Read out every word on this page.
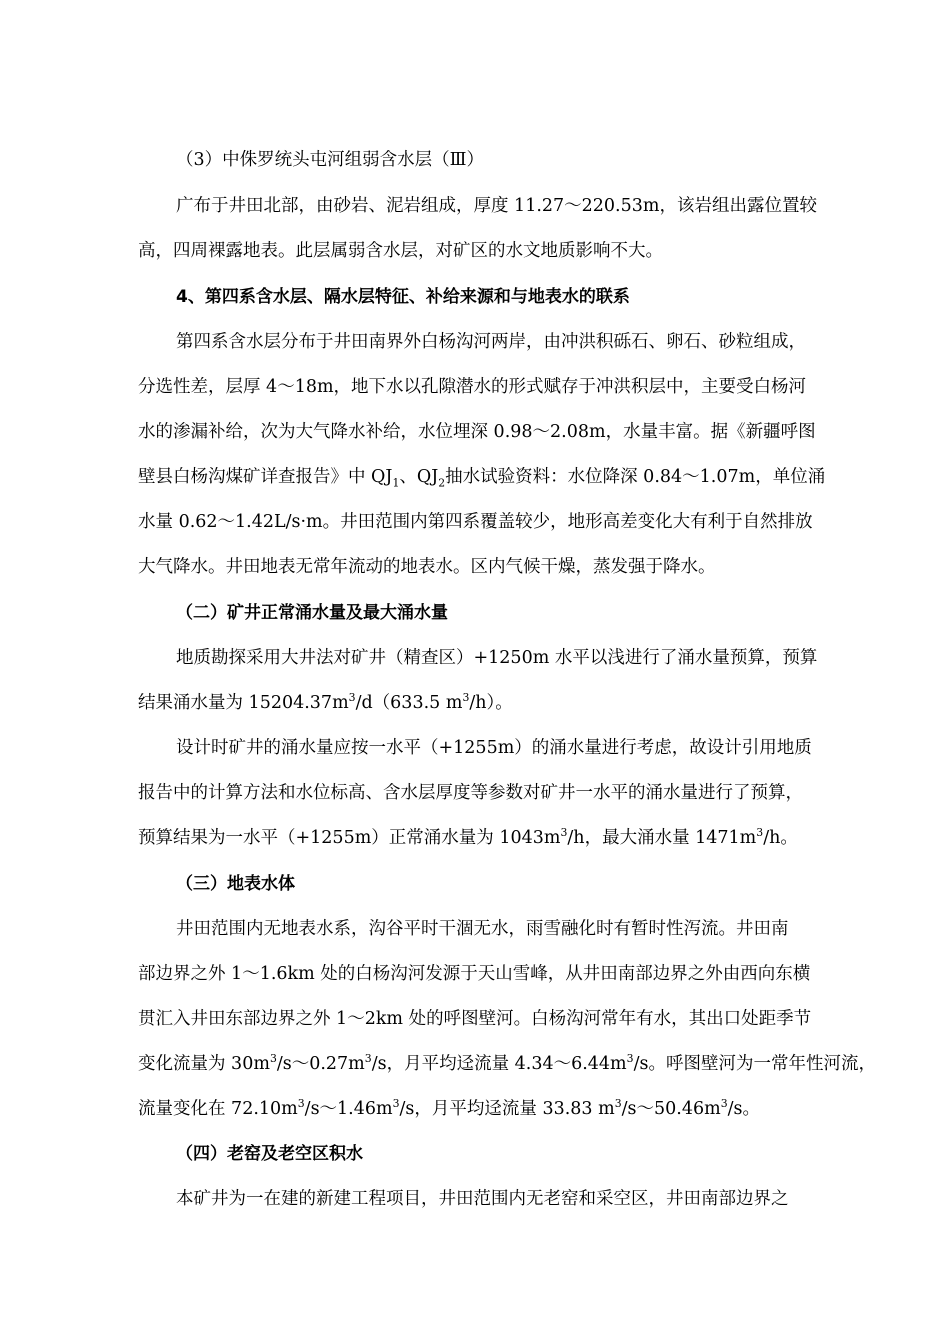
（3）中侏罗统头屯河组弱含水层（Ⅲ）
广布于井田北部，由砂岩、泥岩组成，厚度 11.27～220.53m，该岩组出露位置较
高，四周裸露地表。此层属弱含水层，对矿区的水文地质影响不大。
4、第四系含水层、隔水层特征、补给来源和与地表水的联系
第四系含水层分布于井田南界外白杨沟河两岸，由冲洪积砾石、卵石、砂粒组成，
分选性差，层厚 4～18m，地下水以孔隙潜水的形式赋存于冲洪积层中，主要受白杨河
水的渗漏补给，次为大气降水补给，水位埋深 0.98～2.08m，水量丰富。据《新疆呼图
壁县白杨沟煤矿详查报告》中 $QJ_1$、$QJ_2$抽水试验资料：水位降深 0.84～1.07m，单位涌
水量 0.62～1.42L/s·m。井田范围内第四系覆盖较少，地形高差变化大有利于自然排放
大气降水。井田地表无常年流动的地表水。区内气候干燥，蒸发强于降水。
（二）矿井正常涌水量及最大涌水量
地质勘探采用大井法对矿井（精查区）+1250m 水平以浅进行了涌水量预算，预算
结果涌水量为 $15204.37m^3/d(633.5$ $m^3/h$）。
设计时矿井的涌水量应按一水平（+1255m）的涌水量进行考虑，故设计引用地质
报告中的计算方法和水位标高、含水层厚度等参数对矿井一水平的涌水量进行了预算，
预算结果为一水平（+1255m）正常涌水量为 $1043m^3/h$，最大涌水量 $1471m^3/h$。
（三）地表水体
井田范围内无地表水系，沟谷平时干涸无水，雨雪融化时有暂时性泻流。井田南
部边界之外 1～1.6km 处的白杨沟河发源于天山雪峰，从井田南部边界之外由西向东横
贯汇入井田东部边界之外 1～2km 处的呼图壁河。白杨沟河常年有水，其出口处距季节
变化流量为 $30m^3/s\sim 0.27m^3/s$，月平均迳流量 $4.34\sim 6.44m^3/s$。呼图壁河为一常年性河流，
流量变化在 $72.10m^3/s\sim 1.46m^3/s$，月平均迳流量 33.83 $m^3/s\sim 50.46m^3/s$。
（四）老窑及老空区积水
本矿井为一在建的新建工程项目，井田范围内无老窑和采空区，井田南部边界之
